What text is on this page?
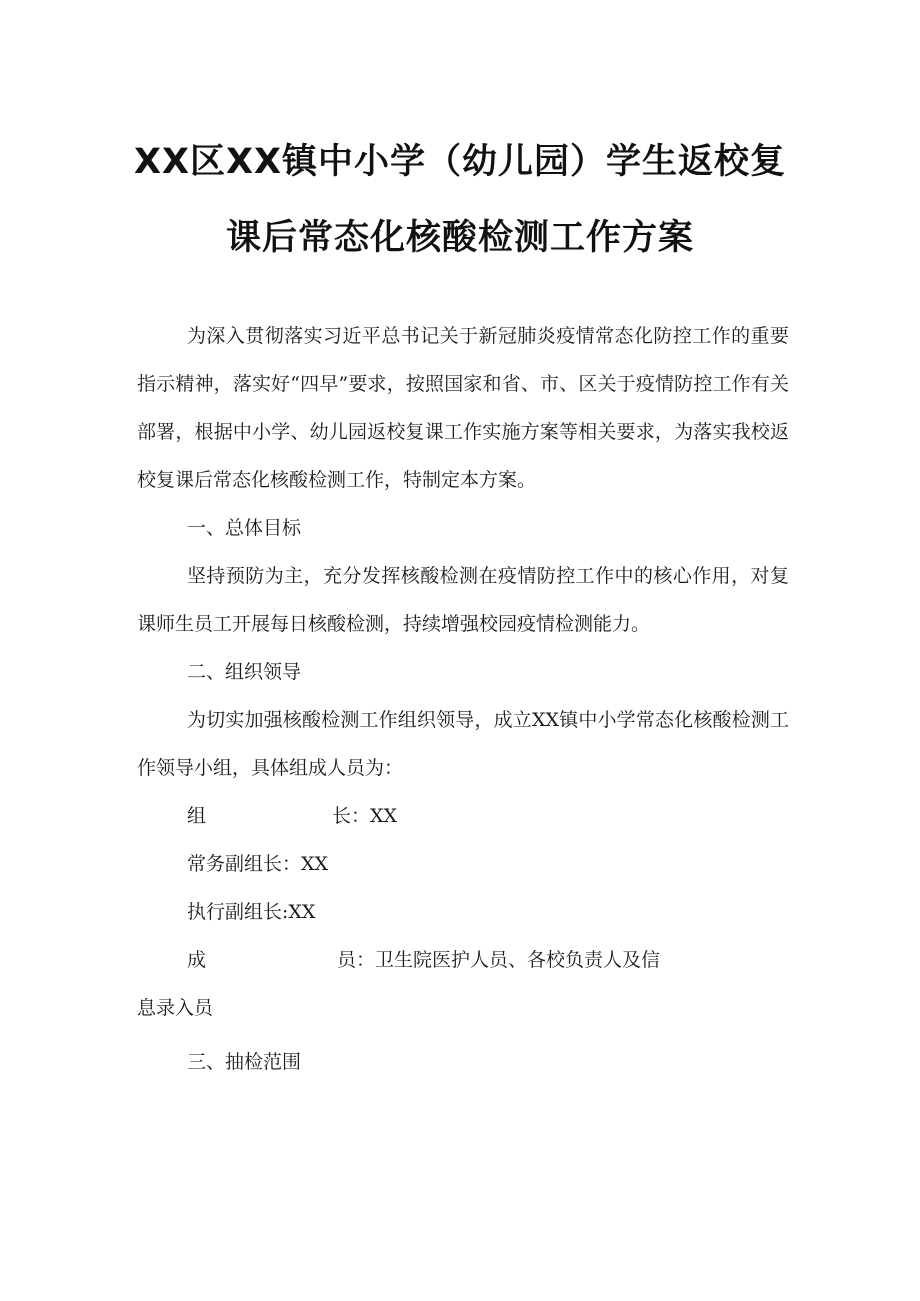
XX区XX镇中小学（幼儿园）学生返校复
课后常态化核酸检测工作方案

为深入贯彻落实习近平总书记关于新冠肺炎疫情常态化防控工作的重要指示精神，落实好“四早”要求，按照国家和省、市、区关于疫情防控工作有关部署，根据中小学、幼儿园返校复课工作实施方案等相关要求，为落实我校返校复课后常态化核酸检测工作，特制定本方案。

一、总体目标

坚持预防为主，充分发挥核酸检测在疫情防控工作中的核心作用，对复课师生员工开展每日核酸检测，持续增强校园疫情检测能力。

二、组织领导

为切实加强核酸检测工作组织领导，成立XX镇中小学常态化核酸检测工作领导小组，具体组成人员为：

组	长：XX

常务副组长：XX

执行副组长:XX

成	员：卫生院医护人员、各校负责人及信

息录入员

三、抽检范围
